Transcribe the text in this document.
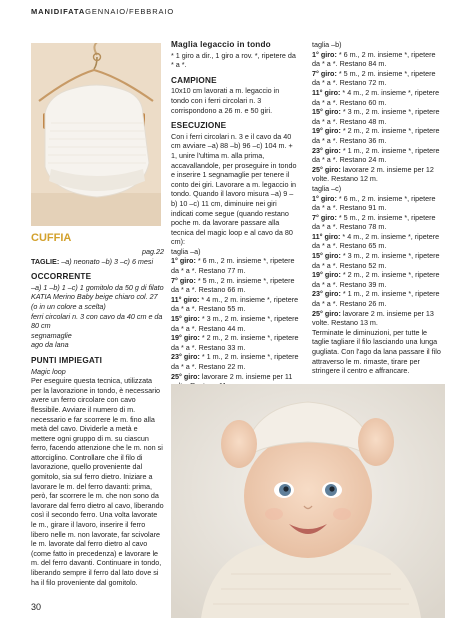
MANIDIFATAGENNAIO/FEBBRAIO
CUFFIA
pag.22

TAGLIE: –a) neonato –b) 3 –c) 6 mesi

OCCORRENTE

–a) 1 –b) 1 –c) 1 gomitolo da 50 g di filato KATIA Merino Baby beige chiaro col. 27 (o in un colore a scelta)

ferri circolari n. 3 con cavo da 40 cm e da 80 cm

segnamaglie

ago da lana

PUNTI IMPIEGATI

Magic loop

Per eseguire questa tecnica, utilizzata per la lavorazione in tondo, è necessario avere un ferro circolare con cavo flessibile. Avviare il numero di m. necessario e far scorrere le m. fino alla metà del cavo. Dividerle a metà e mettere ogni gruppo di m. su ciascun ferro, facendo attenzione che le m. non si attorciglino. Controllare che il filo di lavorazione, quello proveniente dal gomitolo, sia sul ferro dietro. Iniziare a lavorare le m. del ferro davanti: prima, però, far scorrere le m. che non sono da lavorare dal ferro dietro al cavo, liberando così il secondo ferro. Una volta lavorate le m., girare il lavoro, inserire il ferro libero nelle m. non lavorate, far scivolare le m. lavorate dal ferro dietro al cavo (come fatto in precedenza) e lavorare le m. del ferro davanti. Continuare in tondo, liberando sempre il ferro dal lato dove si ha il filo proveniente dal gomitolo.

Maglia legaccio in tondo

* 1 giro a dir., 1 giro a rov. *, ripetere da * a *.

CAMPIONE

10x10 cm lavorati a m. legaccio in tondo con i ferri circolari n. 3 corrispondono a 26 m. e 50 giri.

ESECUZIONE

Con i ferri circolari n. 3 e il cavo da 40 cm avviare –a) 88 –b) 96 –c) 104 m. + 1, unire l'ultima m. alla prima, accavallandole, per proseguire in tondo e inserire 1 segnamaglie per tenere il conto dei giri. Lavorare a m. legaccio in tondo. Quando il lavoro misura –a) 9 –b) 10 –c) 11 cm, diminuire nei giri indicati come segue (quando restano poche m. da lavorare passare alla tecnica del magic loop e al cavo da 80 cm):

taglia –a)

1° giro: * 6 m., 2 m. insieme *, ripetere da * a *. Restano 77 m.

7° giro: * 5 m., 2 m. insieme *, ripetere da * a *. Restano 66 m.

11° giro: * 4 m., 2 m. insieme *, ripetere da * a *. Restano 55 m.

15° giro: * 3 m., 2 m. insieme *, ripetere da * a *. Restano 44 m.

19° giro: * 2 m., 2 m. insieme *, ripetere da * a *. Restano 33 m.

23° giro: * 1 m., 2 m. insieme *, ripetere da * a *. Restano 22 m.

25° giro: lavorare 2 m. insieme per 11

taglia –b)

1° giro: * 6 m., 2 m. insieme *, ripetere da * a *. Restano 84 m.

7° giro: * 5 m., 2 m. insieme *, ripetere da * a *. Restano 72 m.

11° giro: * 4 m., 2 m. insieme *, ripetere da * a *. Restano 60 m.

15° giro: * 3 m., 2 m. insieme *, ripetere da * a *. Restano 48 m.

19° giro: * 2 m., 2 m. insieme *, ripetere da * a *. Restano 36 m.

23° giro: * 1 m., 2 m. insieme *, ripetere da * a *. Restano 24 m.

25° giro: lavorare 2 m. insieme per 12 volte. Restano 12 m.

taglia –c)

1° giro: * 6 m., 2 m. insieme *, ripetere da * a *. Restano 91 m.

7° giro: * 5 m., 2 m. insieme *, ripetere da * a *. Restano 78 m.

11° giro: * 4 m., 2 m. insieme *, ripetere da * a *. Restano 65 m.

15° giro: * 3 m., 2 m. insieme *, ripetere da * a *. Restano 52 m.

19° giro: * 2 m., 2 m. insieme *, ripetere da * a *. Restano 39 m.

23° giro: * 1 m., 2 m. insieme *, ripetere da * a *. Restano 26 m.

25° giro: lavorare 2 m. insieme per 13 volte. Restano 13 m.

Terminate le diminuzioni, per tutte le taglie tagliare il filo lasciando una lunga gugliata. Con l'ago da lana passare il filo attraverso le m. rimaste, tirare per stringere il centro e affrancare.

30
